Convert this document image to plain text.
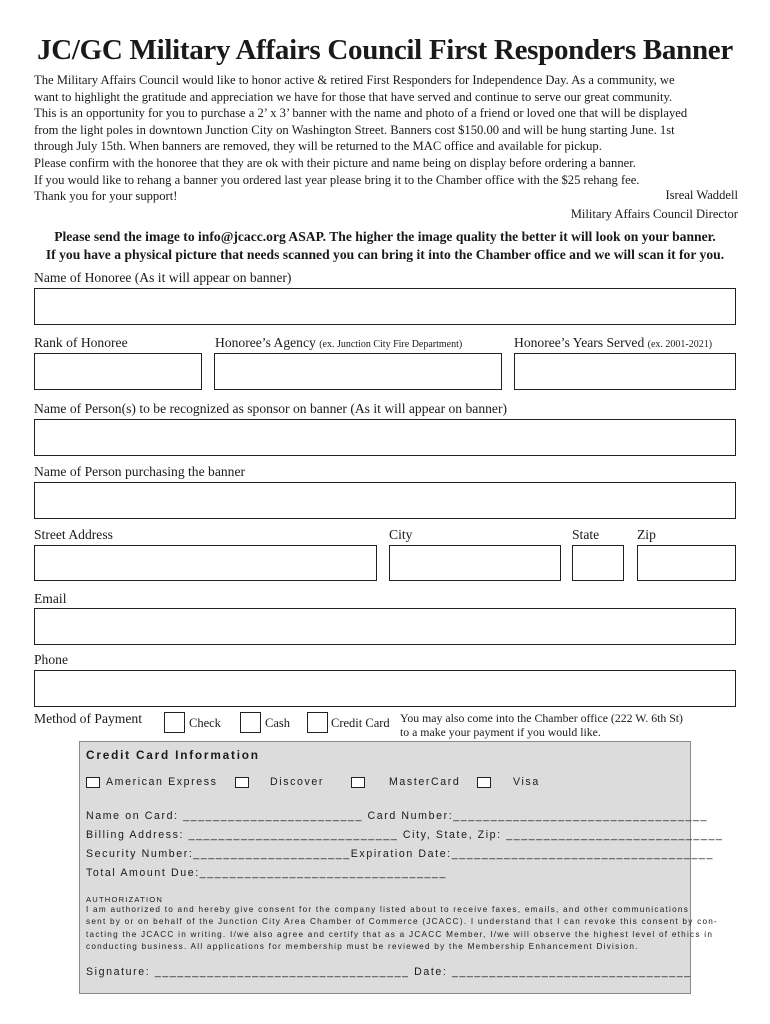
JC/GC Military Affairs Council First Responders Banner
The Military Affairs Council would like to honor active & retired First Responders for Independence Day. As a community, we
want to highlight the gratitude and appreciation we have for those that have served and continue to serve our great community.
This is an opportunity for you to purchase a 2’ x 3’ banner with the name and photo of a friend or loved one that will be displayed
from the light poles in downtown Junction City on Washington Street. Banners cost $150.00 and will be hung starting June. 1st
through July 15th. When banners are removed, they will be returned to the MAC office and available for pickup.
Please confirm with the honoree that they are ok with their picture and name being on display before ordering a banner.
If you would like to rehang a banner you ordered last year please bring it to the Chamber office with the $25 rehang fee.
Thank you for your support!	Isreal Waddell
Military Affairs Council Director
Please send the image to info@jcacc.org ASAP. The higher the image quality the better it will look on your banner.
If you have a physical picture that needs scanned you can bring it into the Chamber office and we will scan it for you.
Name of Honoree (As it will appear on banner)
Rank of Honoree	Honoree’s Agency (ex. Junction City Fire Department)	Honoree’s Years Served (ex. 2001-2021)
Name of Person(s) to be recognized as sponsor on banner (As it will appear on banner)
Name of Person purchasing the banner
Street Address	City	State	Zip
Email
Phone
Method of Payment	Check	Cash	Credit Card You may also come into the Chamber office (222 W. 6th St)
to a make your payment if you would like.
Credit Card Information
American Express	Discover	MasterCard	Visa
Name on Card: ________________________ Card Number:__________________________________
Billing Address: ____________________________ City, State, Zip: _____________________________
Security Number:_____________________Expiration Date:___________________________________
Total Amount Due:_________________________________
AUTHORIZATION
I am authorized to and hereby give consent for the company listed about to receive faxes, emails, and other communications
sent by or on behalf of the Junction City Area Chamber of Commerce (JCACC). I understand that I can revoke this consent by con-
tacting the JCACC in writing. I/we also agree and certify that as a JCACC Member, I/we will observe the highest level of ethics in
conducting business. All applications for membership must be reviewed by the Membership Enhancement Division.
Signature: __________________________________ Date: ________________________________
